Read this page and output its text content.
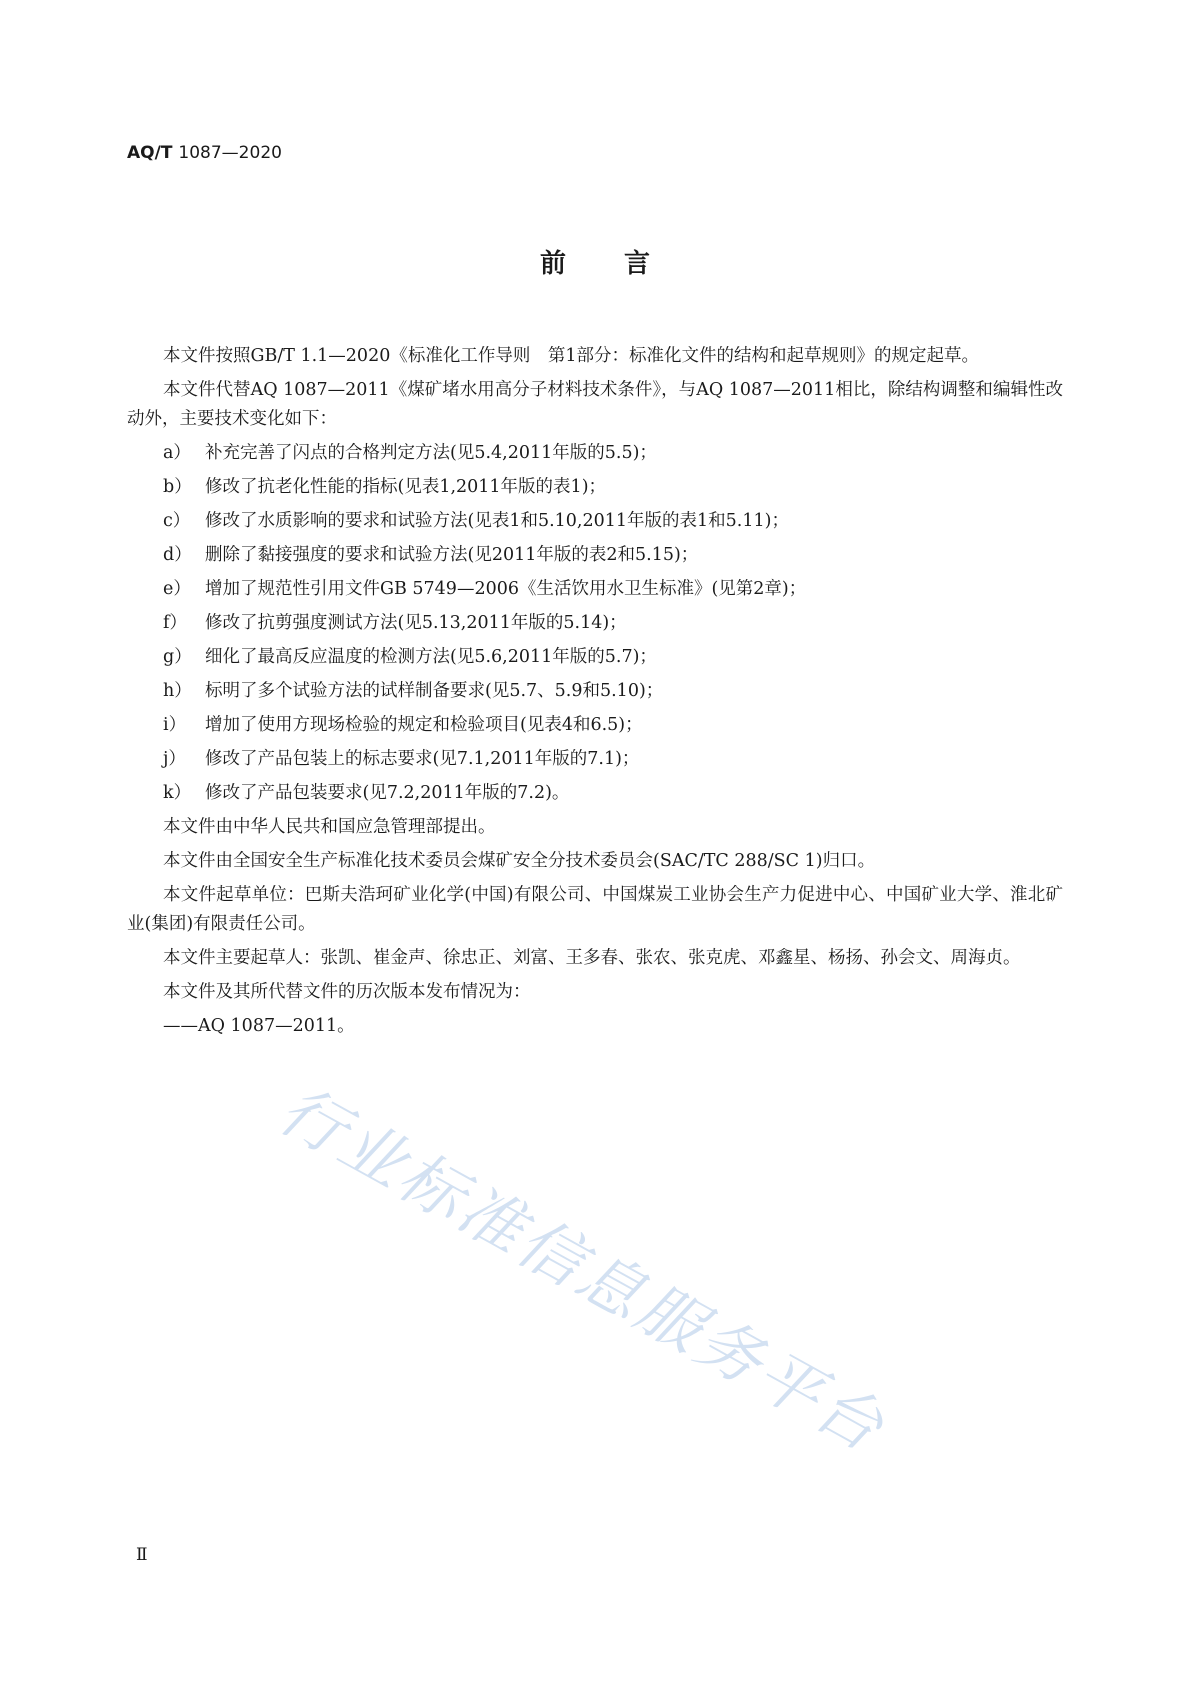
AQ/T 1087—2020
前言

本文件按照GB/T 1.1—2020《标准化工作导则　第1部分：标准化文件的结构和起草规则》的规定起草。

本文件代替AQ 1087—2011《煤矿堵水用高分子材料技术条件》，与AQ 1087—2011相比，除结构调整和编辑性改动外，主要技术变化如下：

a） 补充完善了闪点的合格判定方法(见5.4,2011年版的5.5)；
b） 修改了抗老化性能的指标(见表1,2011年版的表1)；
c） 修改了水质影响的要求和试验方法(见表1和5.10,2011年版的表1和5.11)；
d） 删除了黏接强度的要求和试验方法(见2011年版的表2和5.15)；
e） 增加了规范性引用文件GB 5749—2006《生活饮用水卫生标准》(见第2章)；
f）	修改了抗剪强度测试方法(见5.13,2011年版的5.14)；
g） 细化了最高反应温度的检测方法(见5.6,2011年版的5.7)；
h） 标明了多个试验方法的试样制备要求(见5.7、5.9和5.10)；
i）	增加了使用方现场检验的规定和检验项目(见表4和6.5)；
j）	修改了产品包装上的标志要求(见7.1,2011年版的7.1)；
k） 修改了产品包装要求(见7.2,2011年版的7.2)。

本文件由中华人民共和国应急管理部提出。

本文件由全国安全生产标准化技术委员会煤矿安全分技术委员会(SAC/TC 288/SC 1)归口。

本文件起草单位：巴斯夫浩珂矿业化学(中国)有限公司、中国煤炭工业协会生产力促进中心、中国矿业大学、淮北矿业(集团)有限责任公司。

本文件主要起草人：张凯、崔金声、徐忠正、刘富、王多春、张农、张克虎、邓鑫星、杨扬、孙会文、周海贞。

本文件及其所代替文件的历次版本发布情况为：

——AQ 1087—2011。
行业标准信息服务平台
Ⅱ
